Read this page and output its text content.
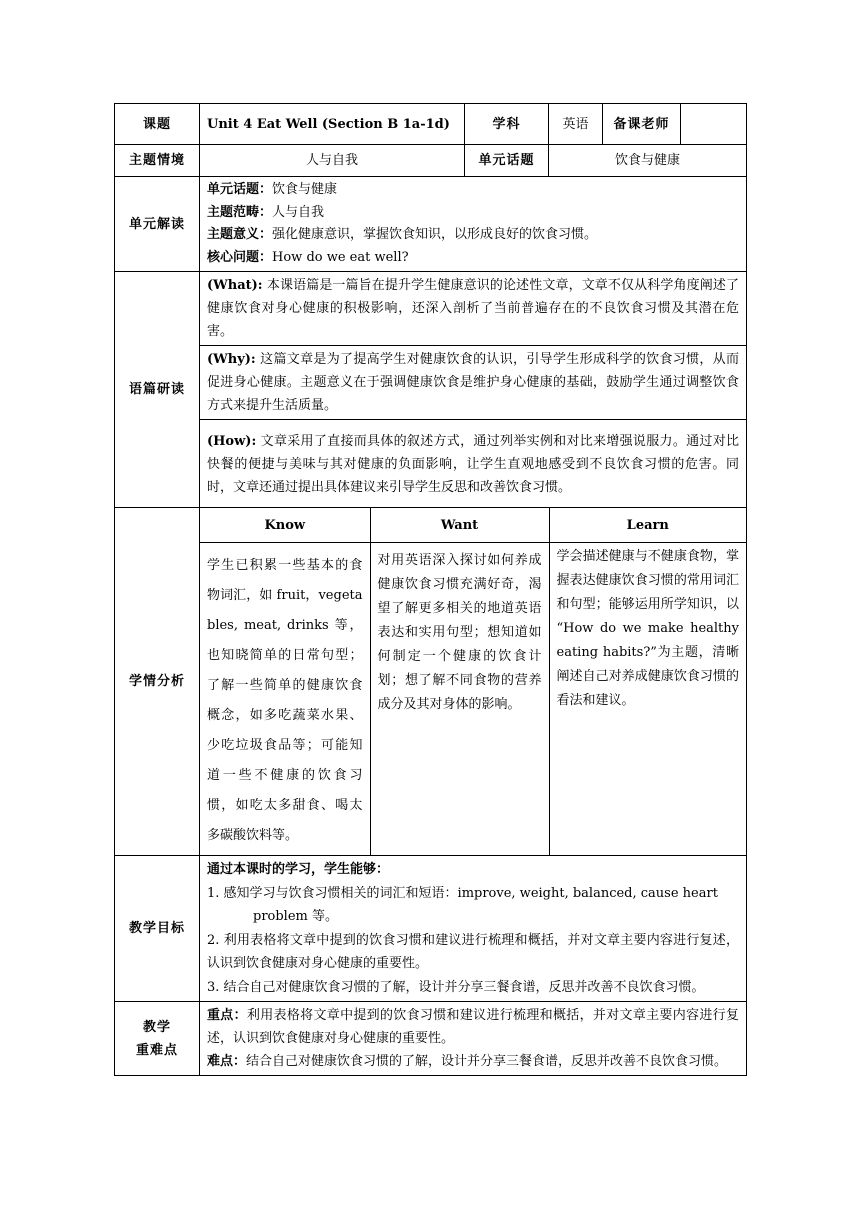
课题	Unit 4 Eat Well (Section B 1a-1d)	学科	英语	备课老师	
主题情境	人与自我	单元话题	饮食与健康
单元解读	
单元话题：饮食与健康
主题范畴：人与自我
主题意义：强化健康意识，掌握饮食知识，以形成良好的饮食习惯。
核心问题：How do we eat well?

语篇研读	(What): 本课语篇是一篇旨在提升学生健康意识的论述性文章，文章不仅从科学角度阐述了健康饮食对身心健康的积极影响，还深入剖析了当前普遍存在的不良饮食习惯及其潜在危害。
(Why): 这篇文章是为了提高学生对健康饮食的认识，引导学生形成科学的饮食习惯，从而促进身心健康。主题意义在于强调健康饮食是维护身心健康的基础，鼓励学生通过调整饮食方式来提升生活质量。
(How): 文章采用了直接而具体的叙述方式，通过列举实例和对比来增强说服力。通过对比快餐的便捷与美味与其对健康的负面影响，让学生直观地感受到不良饮食习惯的危害。同时，文章还通过提出具体建议来引导学生反思和改善饮食习惯。
学情分析	
Know	Want	Learn
学生已积累一些基本的食物词汇，如 fruit，vegetables, meat, drinks 等，也知晓简单的日常句型；了解一些简单的健康饮食概念，如多吃蔬菜水果、少吃垃圾食品等；可能知道一些不健康的饮食习惯，如吃太多甜食、喝太多碳酸饮料等。	对用英语深入探讨如何养成健康饮食习惯充满好奇，渴望了解更多相关的地道英语表达和实用句型；想知道如何制定一个健康的饮食计划；想了解不同食物的营养成分及其对身体的影响。	学会描述健康与不健康食物，掌握表达健康饮食习惯的常用词汇和句型；能够运用所学知识，以 “How do we make healthy eating habits?”为主题，清晰阐述自己对养成健康饮食习惯的看法和建议。

教学目标	
通过本课时的学习，学生能够：
1. 感知学习与饮食习惯相关的词汇和短语：improve, weight, balanced, cause heart
problem 等。
2. 利用表格将文章中提到的饮食习惯和建议进行梳理和概括，并对文章主要内容进行复述，认识到饮食健康对身心健康的重要性。
3. 结合自己对健康饮食习惯的了解，设计并分享三餐食谱，反思并改善不良饮食习惯。

教学
重难点

重点：利用表格将文章中提到的饮食习惯和建议进行梳理和概括，并对文章主要内容进行复述，认识到饮食健康对身心健康的重要性。
难点：结合自己对健康饮食习惯的了解，设计并分享三餐食谱，反思并改善不良饮食习惯。
